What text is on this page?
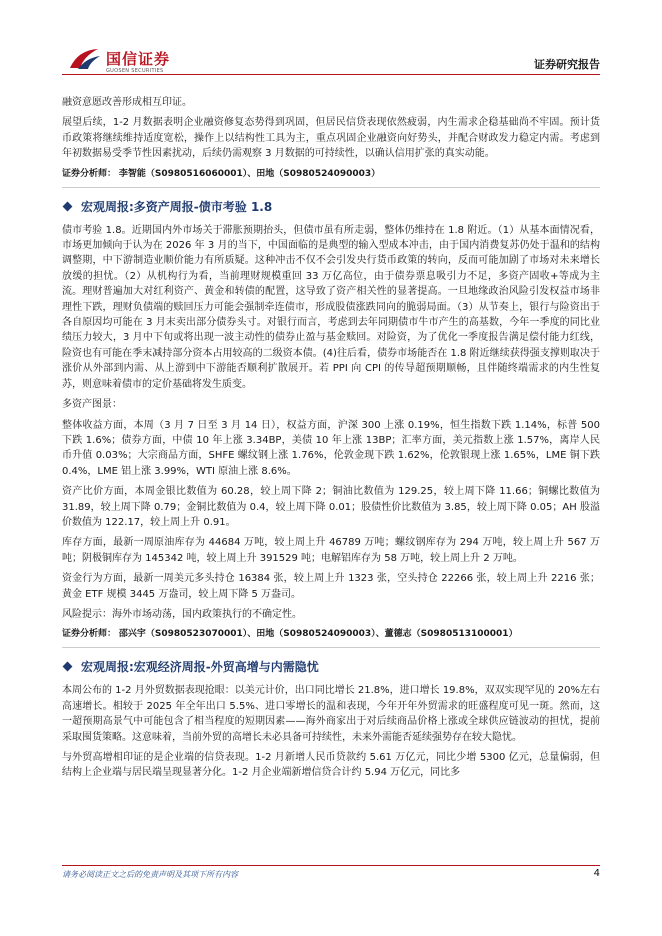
国信证券
GUOSEN SECURITIES	证券研究报告

融资意愿改善形成相互印证。

展望后续，1-2 月数据表明企业融资修复态势得到巩固，但居民信贷表现依然疲弱，内生需求企稳基础尚不牢固。预计货币政策将继续维持适度宽松，操作上以结构性工具为主，重点巩固企业融资向好势头，并配合财政发力稳定内需。考虑到年初数据易受季节性因素扰动，后续仍需观察 3 月数据的可持续性，以确认信用扩张的真实动能。

证券分析师： 李智能（S0980516060001）、田地（S0980524090003）
宏观周报:多资产周报-债市考验 1.8

债市考验 1.8。近期国内外市场关于滞胀预期抬头，但债市虽有所走弱，整体仍维持在 1.8 附近。（1）从基本面情况看，市场更加倾向于认为在 2026 年 3 月的当下，中国面临的是典型的输入型成本冲击，由于国内消费复苏仍处于温和的结构调整期，中下游制造业顺价能力有所质疑。这种冲击不仅不会引发央行货币政策的转向，反而可能加剧了市场对未来增长放缓的担忧。（2）从机构行为看，当前理财规模重回 33 万亿高位，由于债券票息吸引力不足，多资产固收+等成为主流。理财普遍加大对红利资产、黄金和转债的配置，这导致了资产相关性的显著提高。一旦地缘政治风险引发权益市场非理性下跌，理财负债端的赎回压力可能会强制牵连债市，形成股债涨跌同向的脆弱局面。（3）从节奏上，银行与险资出于各自原因均可能在 3 月末卖出部分债券头寸。对银行而言，考虑到去年同期债市牛市产生的高基数，今年一季度的同比业绩压力较大，3 月中下旬或将出现一波主动性的债券止盈与基金赎回。对险资，为了优化一季度报告满足偿付能力红线，险资也有可能在季末减持部分资本占用较高的二级资本债。(4)往后看，债券市场能否在 1.8 附近继续获得强支撑则取决于涨价从外部到内需、从上游到中下游能否顺利扩散展开。若 PPI 向 CPI 的传导超预期顺畅，且伴随终端需求的内生性复苏，则意味着债市的定价基础将发生质变。

多资产图景：

整体收益方面，本周（3 月 7 日至 3 月 14 日），权益方面，沪深 300 上涨 0.19%，恒生指数下跌 1.14%，标普 500 下跌 1.6%；债券方面，中债 10 年上涨 3.34BP，美债 10 年上涨 13BP；汇率方面，美元指数上涨 1.57%，离岸人民币升值 0.03%；大宗商品方面，SHFE 螺纹钢上涨 1.76%，伦敦金现下跌 1.62%，伦敦银现上涨 1.65%，LME 铜下跌 0.4%，LME 铝上涨 3.99%，WTI 原油上涨 8.6%。

资产比价方面，本周金银比数值为 60.28，较上周下降 2；铜油比数值为 129.25，较上周下降 11.66；铜螺比数值为 31.89，较上周下降 0.79；金铜比数值为 0.4，较上周下降 0.01；股债性价比数值为 3.85，较上周下降 0.05；AH 股溢价数值为 122.17，较上周上升 0.91。

库存方面，最新一周原油库存为 44684 万吨，较上周上升 46789 万吨；螺纹钢库存为 294 万吨，较上周上升 567 万吨；阴极铜库存为 145342 吨，较上周上升 391529 吨；电解铝库存为 58 万吨，较上周上升 2 万吨。

资金行为方面，最新一周美元多头持仓 16384 张，较上周上升 1323 张，空头持仓 22266 张，较上周上升 2216 张；黄金 ETF 规模 3445 万盎司，较上周下降 5 万盎司。

风险提示：海外市场动荡，国内政策执行的不确定性。

证券分析师： 邵兴宇（S0980523070001）、田地（S0980524090003）、董德志（S0980513100001）
宏观周报:宏观经济周报-外贸高增与内需隐忧

本周公布的 1-2 月外贸数据表现抢眼：以美元计价，出口同比增长 21.8%，进口增长 19.8%，双双实现罕见的 20%左右高速增长。相较于 2025 年全年出口 5.5%、进口零增长的温和表现，今年开年外贸需求的旺盛程度可见一斑。然而，这一超预期高景气中可能包含了相当程度的短期因素——海外商家出于对后续商品价格上涨或全球供应链波动的担忧，提前采取囤货策略。这意味着，当前外贸的高增长未必具备可持续性，未来外需能否延续强势存在较大隐忧。

与外贸高增相印证的是企业端的信贷表现。1-2 月新增人民币贷款约 5.61 万亿元，同比少增 5300 亿元，总量偏弱，但结构上企业端与居民端呈现显著分化。1-2 月企业端新增信贷合计约 5.94 万亿元，同比多

请务必阅读正文之后的免责声明及其项下所有内容	4
